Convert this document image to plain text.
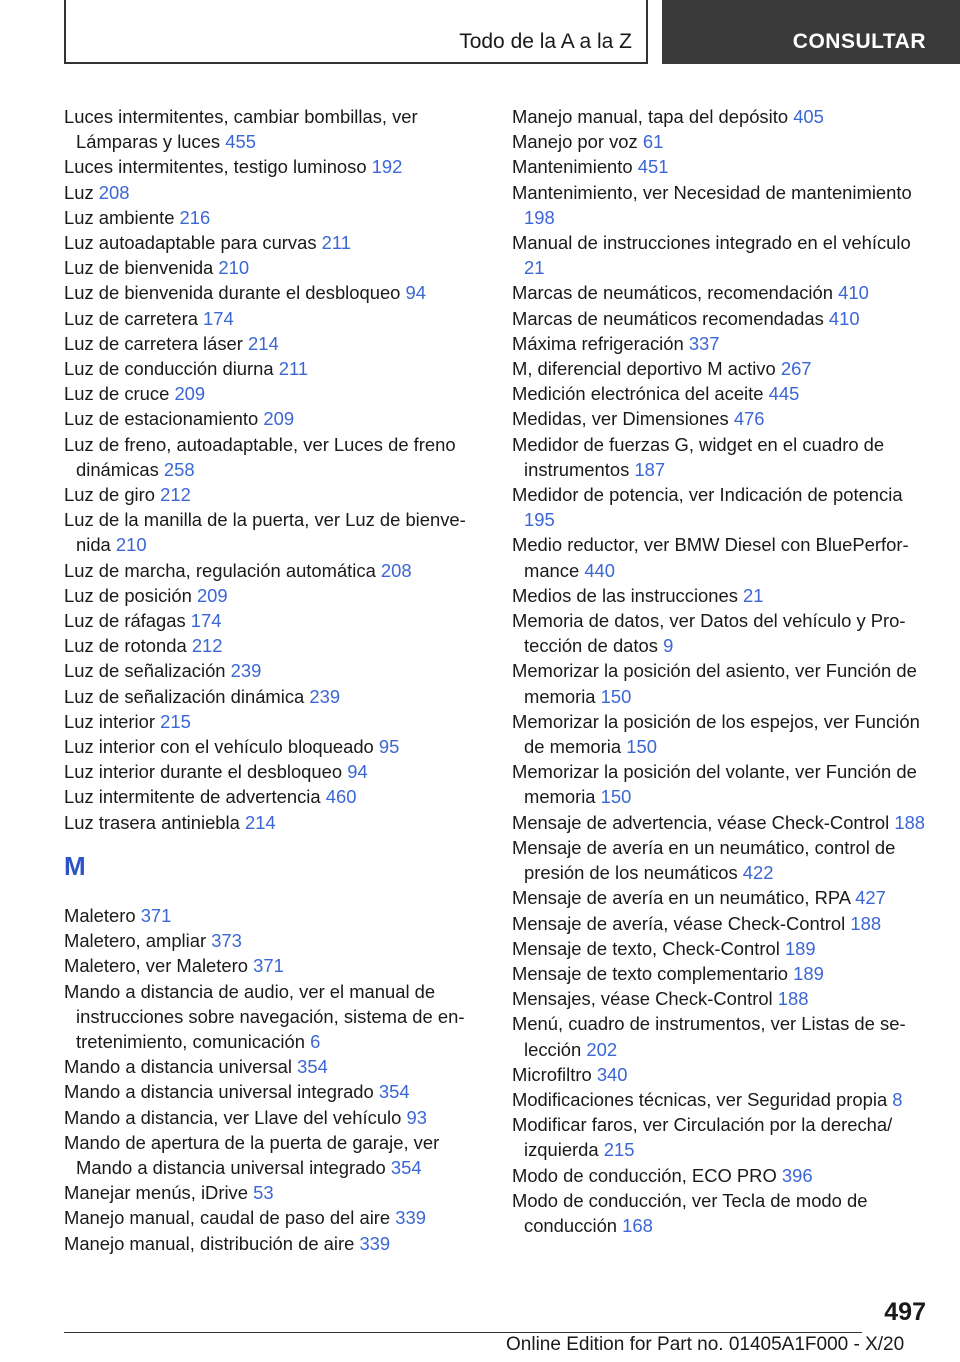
Todo de la A a la Z	CONSULTAR
Luces intermitentes, cambiar bombillas, ver Lámparas y luces 455
Luces intermitentes, testigo luminoso 192
Luz 208
Luz ambiente 216
Luz autoadaptable para curvas 211
Luz de bienvenida 210
Luz de bienvenida durante el desbloqueo 94
Luz de carretera 174
Luz de carretera láser 214
Luz de conducción diurna 211
Luz de cruce 209
Luz de estacionamiento 209
Luz de freno, autoadaptable, ver Luces de freno dinámicas 258
Luz de giro 212
Luz de la manilla de la puerta, ver Luz de bienvenida 210
Luz de marcha, regulación automática 208
Luz de posición 209
Luz de ráfagas 174
Luz de rotonda 212
Luz de señalización 239
Luz de señalización dinámica 239
Luz interior 215
Luz interior con el vehículo bloqueado 95
Luz interior durante el desbloqueo 94
Luz intermitente de advertencia 460
Luz trasera antiniebla 214
M
Maletero 371
Maletero, ampliar 373
Maletero, ver Maletero 371
Mando a distancia de audio, ver el manual de instrucciones sobre navegación, sistema de entretenimiento, comunicación 6
Mando a distancia universal 354
Mando a distancia universal integrado 354
Mando a distancia, ver Llave del vehículo 93
Mando de apertura de la puerta de garaje, ver Mando a distancia universal integrado 354
Manejar menús, iDrive 53
Manejo manual, caudal de paso del aire 339
Manejo manual, distribución de aire 339
Manejo manual, tapa del depósito 405
Manejo por voz 61
Mantenimiento 451
Mantenimiento, ver Necesidad de mantenimiento 198
Manual de instrucciones integrado en el vehículo 21
Marcas de neumáticos, recomendación 410
Marcas de neumáticos recomendadas 410
Máxima refrigeración 337
M, diferencial deportivo M activo 267
Medición electrónica del aceite 445
Medidas, ver Dimensiones 476
Medidor de fuerzas G, widget en el cuadro de instrumentos 187
Medidor de potencia, ver Indicación de potencia 195
Medio reductor, ver BMW Diesel con BluePerformance 440
Medios de las instrucciones 21
Memoria de datos, ver Datos del vehículo y Protección de datos 9
Memorizar la posición del asiento, ver Función de memoria 150
Memorizar la posición de los espejos, ver Función de memoria 150
Memorizar la posición del volante, ver Función de memoria 150
Mensaje de advertencia, véase Check-Control 188
Mensaje de avería en un neumático, control de presión de los neumáticos 422
Mensaje de avería en un neumático, RPA 427
Mensaje de avería, véase Check-Control 188
Mensaje de texto, Check-Control 189
Mensaje de texto complementario 189
Mensajes, véase Check-Control 188
Menú, cuadro de instrumentos, ver Listas de selección 202
Microfiltro 340
Modificaciones técnicas, ver Seguridad propia 8
Modificar faros, ver Circulación por la derecha/ izquierda 215
Modo de conducción, ECO PRO 396
Modo de conducción, ver Tecla de modo de conducción 168
497
Online Edition for Part no. 01405A1F000 - X/20
